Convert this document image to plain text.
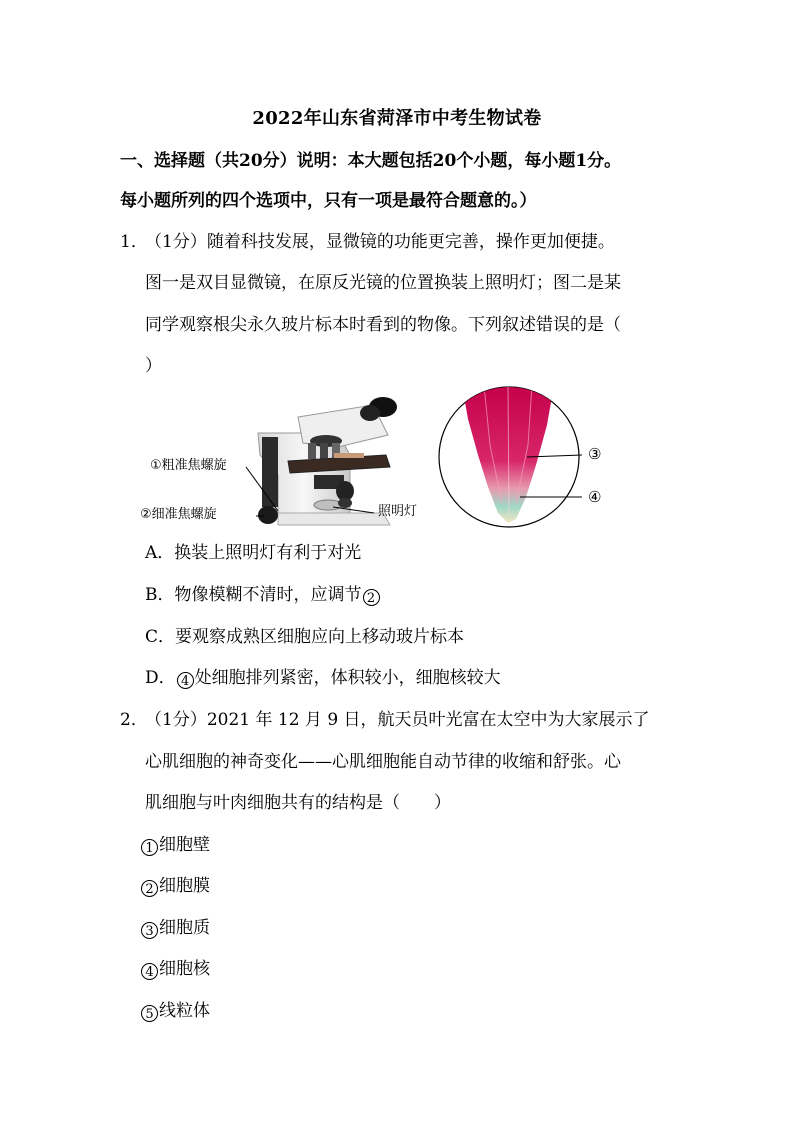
2022年山东省菏泽市中考生物试卷
一、选择题（共20分）说明：本大题包括20个小题，每小题1分。
每小题所列的四个选项中，只有一项是最符合题意的。）
1．
（1分）随着科技发展，显微镜的功能更完善，操作更加便捷。
图一是双目显微镜，在原反光镜的位置换装上照明灯；图二是某
同学观察根尖永久玻片标本时看到的物像。下列叙述错误的是（
）
①粗准焦螺旋
②细准焦螺旋	照明灯
③
④
A．换装上照明灯有利于对光
B．物像模糊不清时，应调节 2
C．要观察成熟区细胞应向上移动玻片标本
D． 4 处细胞排列紧密，体积较小，细胞核较大
2．
（1分）2021 年 12 月 9 日，航天员叶光富在太空中为大家展示了
心肌细胞的神奇变化——心肌细胞能自动节律的收缩和舒张。心
肌细胞与叶肉细胞共有的结构是（　　）
1 细胞壁
2 细胞膜
3 细胞质
4 细胞核
5 线粒体
